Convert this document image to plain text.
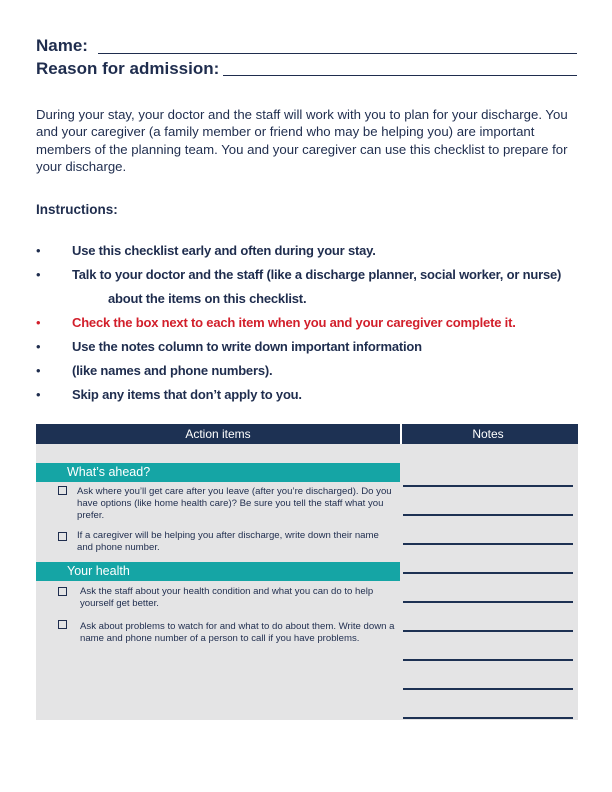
Name:
Reason for admission:
During your stay, your doctor and the staff will work with you to plan for your discharge. You and your caregiver (a family member or friend who may be helping you) are important members of the planning team. You and your caregiver can use this checklist to prepare for your discharge.
Instructions:
• Use this checklist early and often during your stay.
• Talk to your doctor and the staff (like a discharge planner, social worker, or nurse)
about the items on this checklist.
• Check the box next to each item when you and your caregiver complete it.
• Use the notes column to write down important information
• (like names and phone numbers).
• Skip any items that don’t apply to you.
Action items	Notes
What’s ahead?
Ask where you’ll get care after you leave (after you’re discharged). Do you have options (like home health care)? Be sure you tell the staff what you prefer.
If a caregiver will be helping you after discharge, write down their name and phone number.
Your health
Ask the staff about your health condition and what you can do to help yourself get better.
Ask about problems to watch for and what to do about them. Write down a name and phone number of a person to call if you have problems.
